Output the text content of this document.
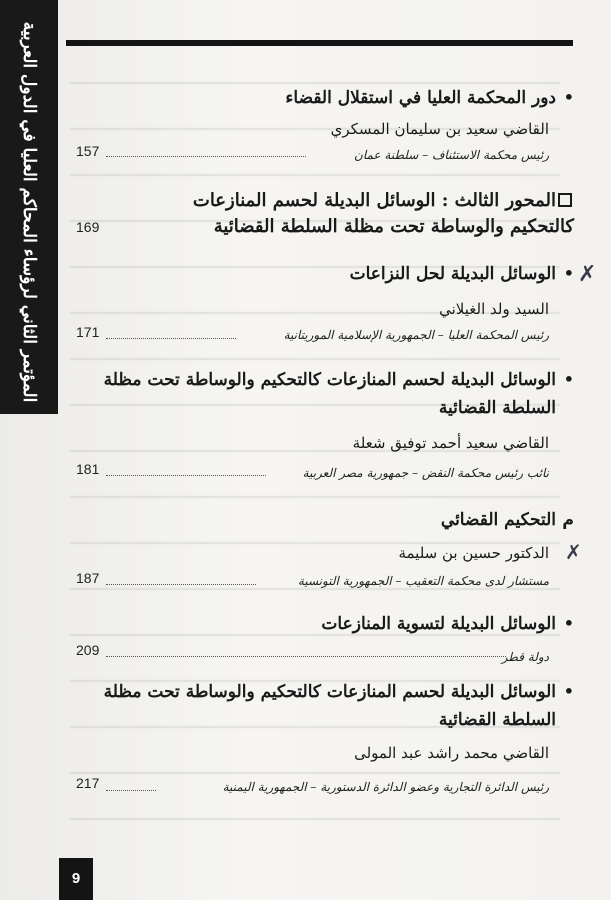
المؤتمر الثاني لرؤساء المحاكم العليا في الدول العربية	•
دور المحكمة العليا في استقلال القضاء
القاضي سعيد بن سليمان المسكري
157	رئيس محكمة الاستئناف – سلطنة عمان
المحور الثالث : الوسائل البديلة لحسم المنازعات
كالتحكيم والوساطة تحت مظلة السلطة القضائية
169
•
الوسائل البديلة لحل النزاعات
السيد ولد الغيلاني
171	رئيس المحكمة العليا – الجمهورية الإسلامية الموريتانية
•
الوسائل البديلة لحسم المنازعات كالتحكيم والوساطة تحت مظلة
السلطة القضائية
القاضي سعيد أحمد توفيق شعلة
181	نائب رئيس محكمة النقض – جمهورية مصر العربية
م
التحكيم القضائي
الدكتور حسين بن سليمة
187	مستشار لدى محكمة التعقيب – الجمهورية التونسية
•
الوسائل البديلة لتسوية المنازعات
209	دولة قطر
•
الوسائل البديلة لحسم المنازعات كالتحكيم والوساطة تحت مظلة
السلطة القضائية
القاضي محمد راشد عبد المولى
217	رئيس الدائرة التجارية وعضو الدائرة الدستورية – الجمهورية اليمنية
✗
✗
9
